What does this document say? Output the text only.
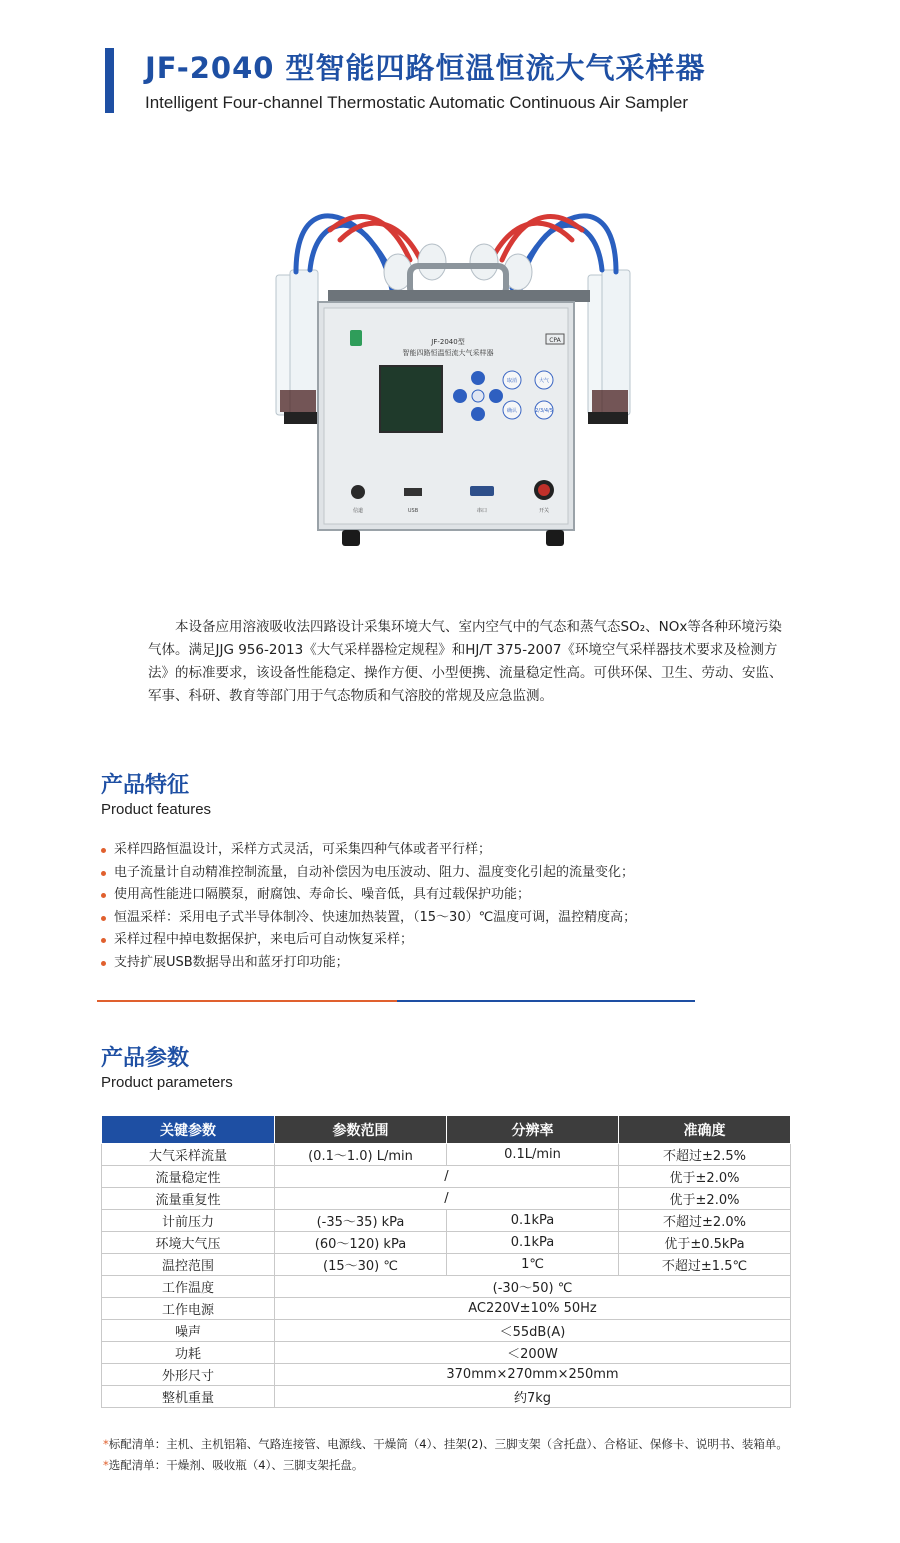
JF-2040 型智能四路恒温恒流大气采样器
Intelligent Four-channel Thermostatic Automatic Continuous Air Sampler
JF-2040型
智能四路恒温恒流大气采样器
CPA
取消	大气
确认	2/3/4/5
信道	USB	串口	开关

本设备应用溶液吸收法四路设计采集环境大气、室内空气中的气态和蒸气态SO₂、NOx等各种环境污染气体。满足JJG 956-2013《大气采样器检定规程》和HJ/T 375-2007《环境空气采样器技术要求及检测方法》的标准要求，该设备性能稳定、操作方便、小型便携、流量稳定性高。可供环保、卫生、劳动、安监、军事、科研、教育等部门用于气态物质和气溶胶的常规及应急监测。

产品特征
Product features
采样四路恒温设计，采样方式灵活，可采集四种气体或者平行样；
电子流量计自动精准控制流量，自动补偿因为电压波动、阻力、温度变化引起的流量变化；
使用高性能进口隔膜泵，耐腐蚀、寿命长、噪音低，具有过载保护功能；
恒温采样：采用电子式半导体制冷、快速加热装置，（15～30）℃温度可调，温控精度高；
采样过程中掉电数据保护，来电后可自动恢复采样；
支持扩展USB数据导出和蓝牙打印功能；
产品参数
Product parameters
关键参数	参数范围	分辨率	准确度
大气采样流量	(0.1～1.0) L/min	0.1L/min	不超过±2.5%
流量稳定性	/		优于±2.0%
流量重复性	/		优于±2.0%
计前压力	(-35～35) kPa	0.1kPa	不超过±2.0%
环境大气压	(60～120) kPa	0.1kPa	优于±0.5kPa
温控范围	(15～30) ℃	1℃	不超过±1.5℃
工作温度	(-30～50) ℃		
工作电源	AC220V±10% 50Hz		
噪声	＜55dB(A)		
功耗	＜200W		
外形尺寸	370mm×270mm×250mm		
整机重量	约7kg		
*标配清单：主机、主机铝箱、气路连接管、电源线、干燥筒（4）、挂架(2)、三脚支架（含托盘）、合格证、保修卡、说明书、装箱单。
*选配清单：干燥剂、吸收瓶（4）、三脚支架托盘。
